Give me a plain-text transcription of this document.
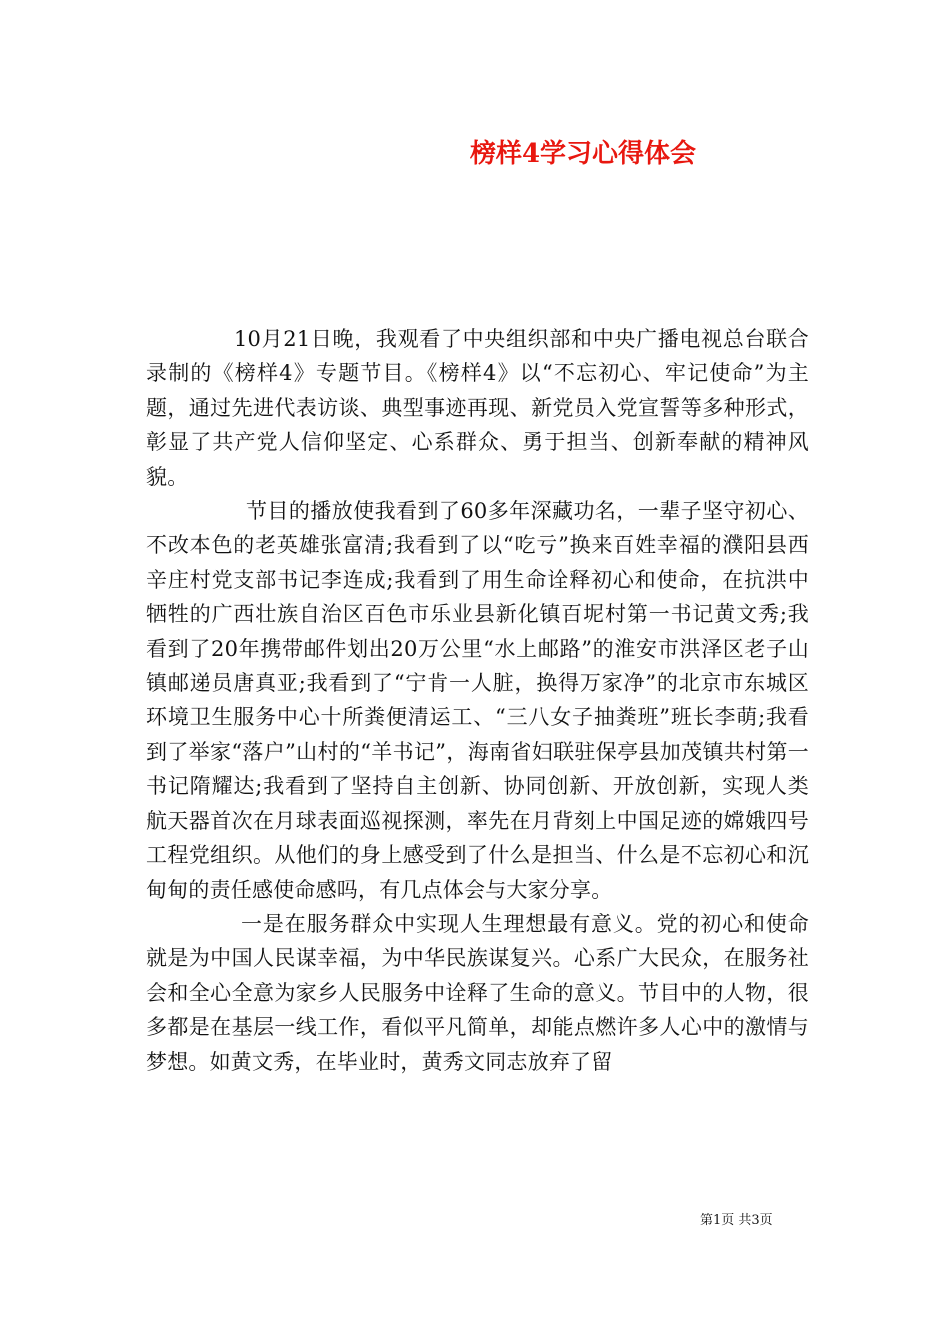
榜样4学习心得体会

10月21日晚，我观看了中央组织部和中央广播电视总台联合录制的《榜样4》专题节目。《榜样4》以“不忘初心、牢记使命”为主题，通过先进代表访谈、典型事迹再现、新党员入党宣誓等多种形式，彰显了共产党人信仰坚定、心系群众、勇于担当、创新奉献的精神风貌。

节目的播放使我看到了60多年深藏功名，一辈子坚守初心、不改本色的老英雄张富清;我看到了以“吃亏”换来百姓幸福的濮阳县西辛庄村党支部书记李连成;我看到了用生命诠释初心和使命，在抗洪中牺牲的广西壮族自治区百色市乐业县新化镇百坭村第一书记黄文秀;我看到了20年携带邮件划出20万公里“水上邮路”的淮安市洪泽区老子山镇邮递员唐真亚;我看到了“宁肯一人脏，换得万家净”的北京市东城区环境卫生服务中心十所粪便清运工、“三八女子抽粪班”班长李萌;我看到了举家“落户”山村的“羊书记”，海南省妇联驻保亭县加茂镇共村第一书记隋耀达;我看到了坚持自主创新、协同创新、开放创新，实现人类航天器首次在月球表面巡视探测，率先在月背刻上中国足迹的嫦娥四号工程党组织。从他们的身上感受到了什么是担当、什么是不忘初心和沉甸甸的责任感使命感吗，有几点体会与大家分享。

一是在服务群众中实现人生理想最有意义。党的初心和使命就是为中国人民谋幸福，为中华民族谋复兴。心系广大民众，在服务社会和全心全意为家乡人民服务中诠释了生命的意义。节目中的人物，很多都是在基层一线工作，看似平凡简单，却能点燃许多人心中的激情与梦想。如黄文秀，在毕业时，黄秀文同志放弃了留

第1页 共3页
